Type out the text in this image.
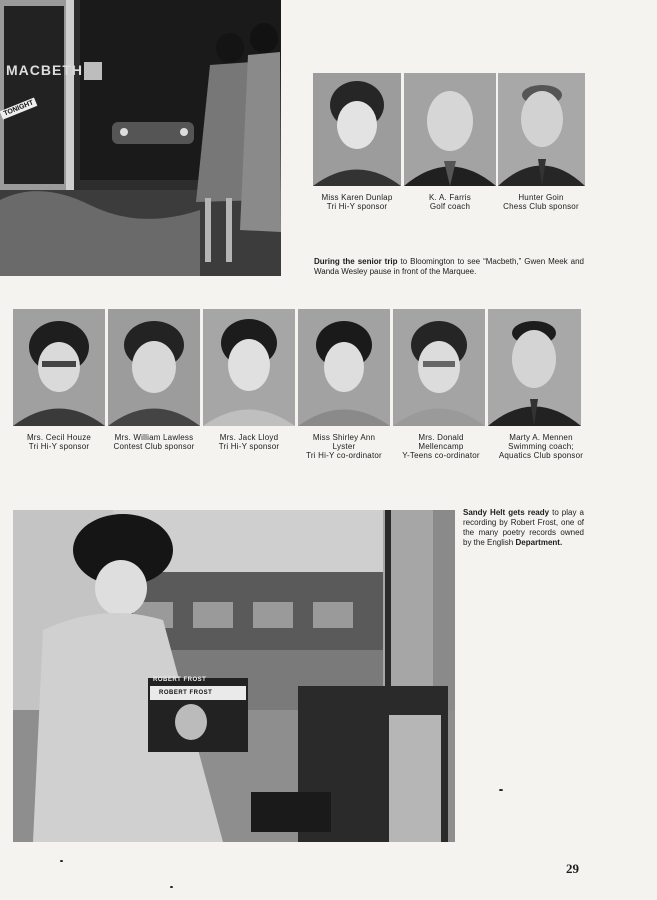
MACBETH
TONIGHT
Miss Karen Dunlap
Tri Hi-Y sponsor
K. A. Farris
Golf coach
Hunter Goin
Chess Club sponsor
During the senior trip to Bloomington to see “Macbeth,” Gwen Meek and Wanda Wesley pause in front of the Marquee.
Mrs. Cecil Houze
Tri Hi-Y sponsor
Mrs. William Lawless
Contest Club sponsor
Mrs. Jack Lloyd
Tri Hi-Y sponsor
Miss Shirley Ann
Lyster
Tri Hi-Y co-ordinator
Mrs. Donald
Mellencamp
Y-Teens co-ordinator
Marty A. Mennen
Swimming coach;
Aquatics Club sponsor
ROBERT FROST
ROBERT FROST
Sandy Helt gets ready to play a recording by Robert Frost, one of the many poetry records owned by the English Department.
29
